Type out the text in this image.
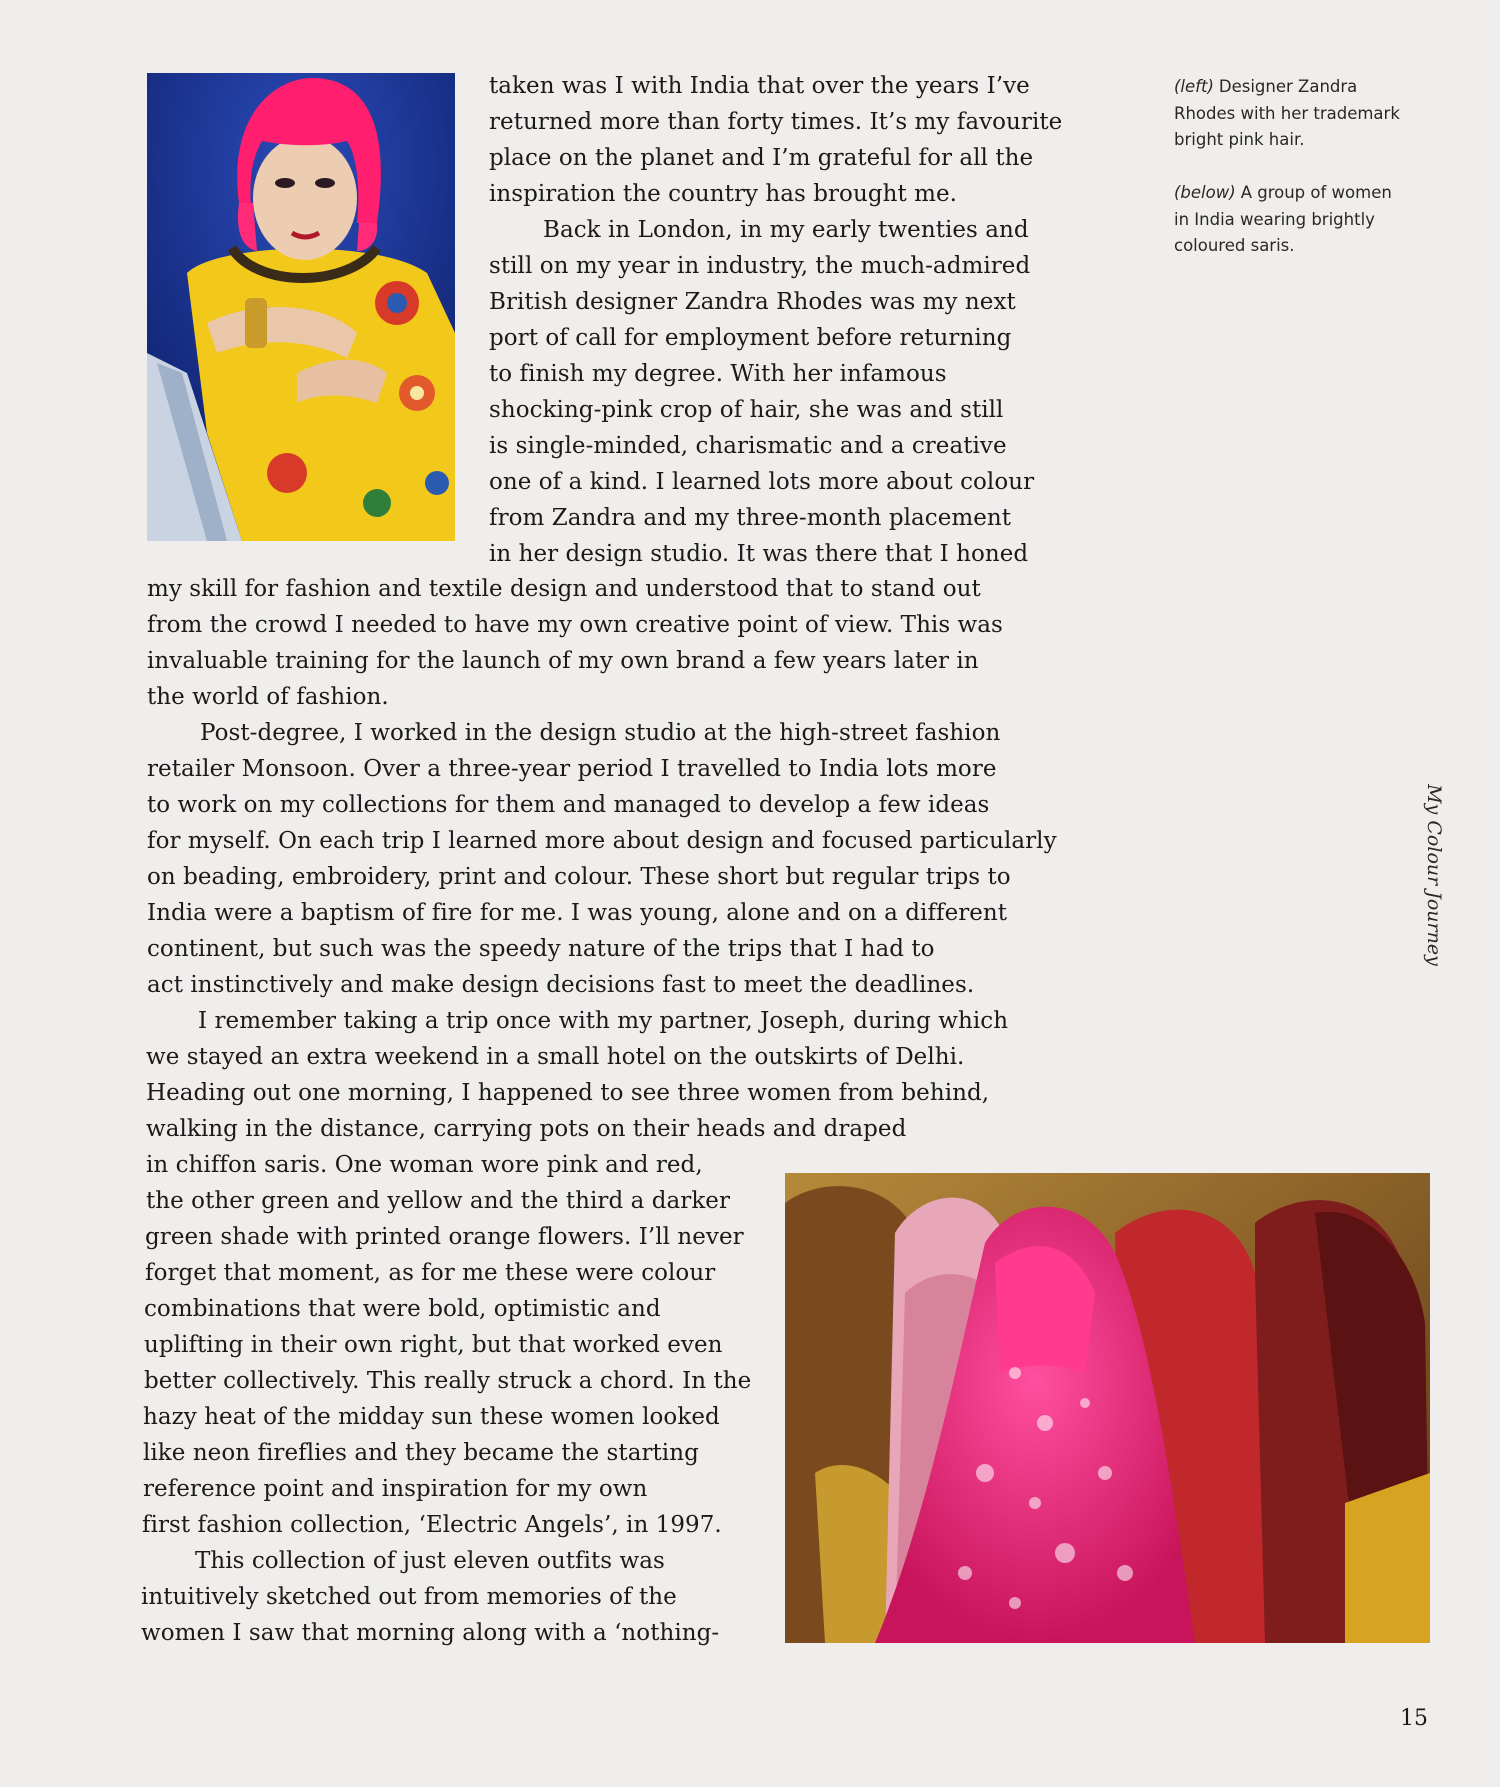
taken was I with India that over the years I’ve
returned more than forty times. It’s my favourite
place on the planet and I’m grateful for all the
inspiration the country has brought me.
Back in London, in my early twenties and
still on my year in industry, the much-admired
British designer Zandra Rhodes was my next
port of call for employment before returning
to finish my degree. With her infamous
shocking-pink crop of hair, she was and still
is single-minded, charismatic and a creative
one of a kind. I learned lots more about colour
from Zandra and my three-month placement
in her design studio. It was there that I honed
my skill for fashion and textile design and understood that to stand out
from the crowd I needed to have my own creative point of view. This was
invaluable training for the launch of my own brand a few years later in
the world of fashion.
Post-degree, I worked in the design studio at the high-street fashion
retailer Monsoon. Over a three-year period I travelled to India lots more
to work on my collections for them and managed to develop a few ideas
for myself. On each trip I learned more about design and focused particularly
on beading, embroidery, print and colour. These short but regular trips to
India were a baptism of fire for me. I was young, alone and on a different
continent, but such was the speedy nature of the trips that I had to
act instinctively and make design decisions fast to meet the deadlines.
I remember taking a trip once with my partner, Joseph, during which
we stayed an extra weekend in a small hotel on the outskirts of Delhi.
Heading out one morning, I happened to see three women from behind,
walking in the distance, carrying pots on their heads and draped
in chiffon saris. One woman wore pink and red,
the other green and yellow and the third a darker
green shade with printed orange flowers. I’ll never
forget that moment, as for me these were colour
combinations that were bold, optimistic and
uplifting in their own right, but that worked even
better collectively. This really struck a chord. In the
hazy heat of the midday sun these women looked
like neon fireflies and they became the starting
reference point and inspiration for my own
first fashion collection, ‘Electric Angels’, in 1997.
This collection of just eleven outfits was
intuitively sketched out from memories of the
women I saw that morning along with a ‘nothing-
(left) Designer Zandra
Rhodes with her trademark
bright pink hair.
(below) A group of women
in India wearing brightly
coloured saris.
My Colour Journey
15
